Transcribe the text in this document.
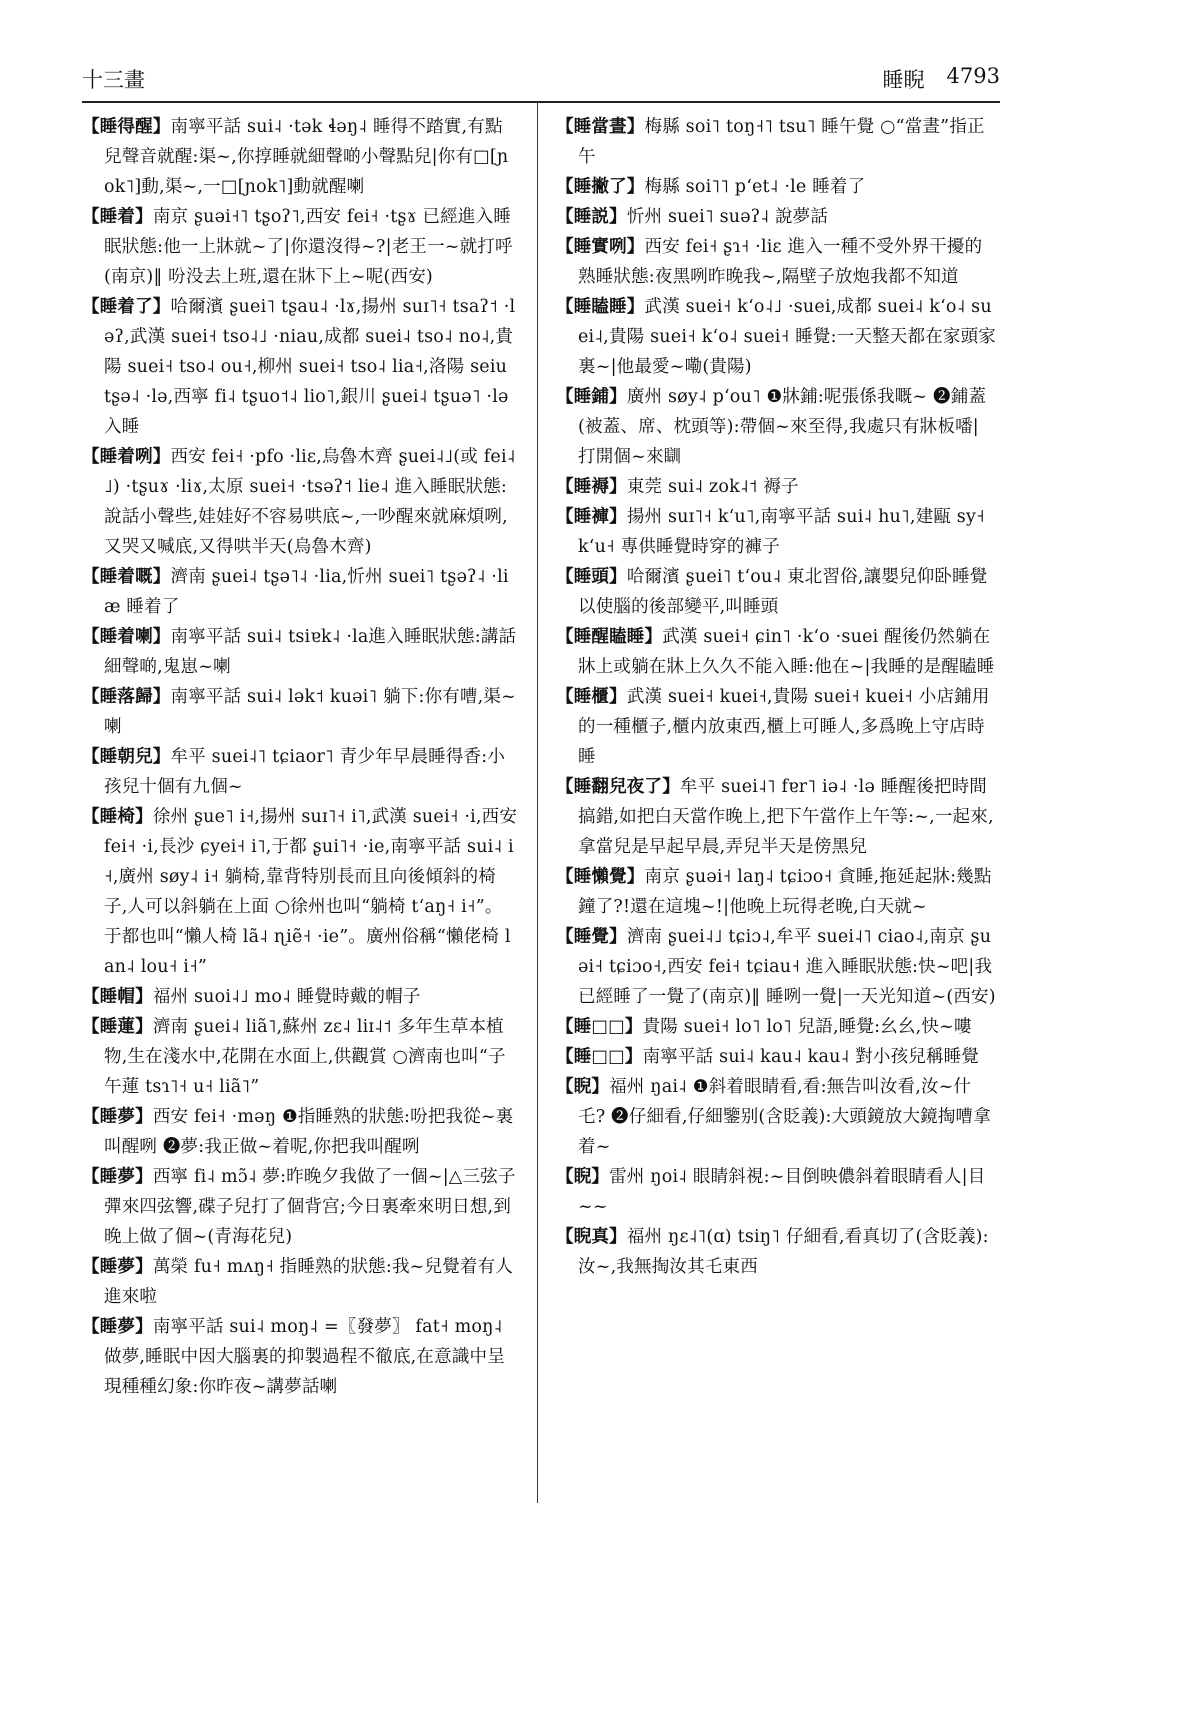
十三畫	睡睨 4793

【睡得醒】南寧平話 sui˨ ·tək ɬəŋ˨ 睡得不踏實,有點兒聲音就醒:渠~,你㨃睡就細聲啲小聲點兒|你有□[ɲok˥]動,渠~,一□[ɲok˥]動就醒喇

【睡着】南京 ʂuəi˧˥ tʂoʔ˥,西安 fei˧ ·tʂɤ 已經進入睡眠狀態:他一上牀就~了|你還沒得~?|老王一~就打呼(南京)‖ 吩没去上班,還在牀下上~呢(西安)

【睡着了】哈爾濱 ʂuei˥ tʂau˨ ·lɤ,揚州 suɪ˥˧ tsaʔ˦ ·ləʔ,武漢 suei˧ tso˨˩ ·niau,成都 suei˨ tso˨ no˨,貴陽 suei˧ tso˨ ou˧,柳州 suei˧ tso˨ lia˧,洛陽 seiu tʂə˨ ·lə,西寧 fi˨ tʂuo˦˨ lio˥,銀川 ʂuei˨ tʂuə˥ ·lə 入睡

【睡着咧】西安 fei˧ ·pfo ·liɛ,烏魯木齊 ʂuei˨˩(或 fei˨˩) ·tʂuɤ ·liɤ,太原 suei˧ ·tsəʔ˦ lie˨ 進入睡眠狀態:說話小聲些,娃娃好不容易哄底~,一吵醒來就麻煩咧,又哭又喊底,又得哄半天(烏魯木齊)

【睡着嘅】濟南 ʂuei˨ tʂə˥˨ ·lia,忻州 suei˥ tʂəʔ˨ ·liæ 睡着了

【睡着喇】南寧平話 sui˨ tsiɐk˨ ·la進入睡眠狀態:講話細聲啲,鬼崽~喇

【睡落歸】南寧平話 sui˨ lək˦ kuəi˥ 躺下:你有嘈,渠~喇

【睡朝兒】牟平 suei˨˥ tɕiaor˥ 青少年早晨睡得香:小孩兒十個有九個~

【睡椅】徐州 ʂue˥ i˧,揚州 suɪ˥˧ i˥,武漢 suei˧ ·i,西安 fei˧ ·i,長沙 ɕyei˧ i˥,于都 ʂui˥˧ ·ie,南寧平話 sui˨ i˧,廣州 søy˨ i˧ 躺椅,靠背特別長而且向後傾斜的椅子,人可以斜躺在上面 ○徐州也叫“躺椅 tʻaŋ˧ i˧”。于都也叫“懶人椅 lã˨ ɳiẽ˧ ·ie”。廣州俗稱“懶佬椅 lan˨ lou˧ i˧”

【睡帽】福州 suoi˨˩ mo˨ 睡覺時戴的帽子

【睡蓮】濟南 ʂuei˨ liã˥,蘇州 zɛ˨ liɪ˨˦ 多年生草本植物,生在淺水中,花開在水面上,供觀賞 ○濟南也叫“子午蓮 tsɿ˥˧ u˧ liã˥”

【睡夢】西安 fei˧ ·məŋ ❶指睡熟的狀態:吩把我從~裏叫醒咧 ❷夢:我正做~着呢,你把我叫醒咧

【睡夢】西寧 fi˨ mɔ̃˨ 夢:昨晚夕我做了一個~|△三弦子彈來四弦響,碟子兒打了個背宫;今日裏牽來明日想,到晚上做了個~(青海花兒)

【睡夢】萬榮 fu˧ mʌŋ˧ 指睡熟的狀態:我~兒覺着有人進來啦

【睡夢】南寧平話 sui˨ moŋ˨ =〖發夢〗 fat˧ moŋ˨ 做夢,睡眠中因大腦裏的抑製過程不徹底,在意識中呈現種種幻象:你昨夜~講夢話喇

【睡當晝】梅縣 soi˥ toŋ˧˥ tsu˥ 睡午覺 ○“當晝”指正午

【睡撇了】梅縣 soi˥˥ pʻet˨ ·le 睡着了

【睡説】忻州 suei˥ suəʔ˨ 說夢話

【睡實咧】西安 fei˧ ʂɿ˧ ·liɛ 進入一種不受外界干擾的熟睡狀態:夜黑咧昨晚我~,隔壁子放炮我都不知道

【睡瞌睡】武漢 suei˧ kʻo˨˩ ·suei,成都 suei˨ kʻo˨ suei˨,貴陽 suei˧ kʻo˨ suei˧ 睡覺:一天整天都在家頭家裏~|他最愛~嘞(貴陽)

【睡鋪】廣州 søy˨ pʻou˥ ❶牀鋪:呢張係我嘅~ ❷鋪蓋(被蓋、席、枕頭等):帶個~來至得,我處只有牀板噃|打開個~來瞓

【睡褥】東莞 sui˨ zok˨˦ 褥子

【睡褲】揚州 suɪ˥˧ kʻu˥,南寧平話 sui˨ hu˥,建甌 sy˧ kʻu˧ 專供睡覺時穿的褲子

【睡頭】哈爾濱 ʂuei˥ tʻou˨ 東北習俗,讓嬰兒仰卧睡覺以使腦的後部變平,叫睡頭

【睡醒瞌睡】武漢 suei˧ ɕin˥ ·kʻo ·suei 醒後仍然躺在牀上或躺在牀上久久不能入睡:他在~|我睡的是醒瞌睡

【睡櫃】武漢 suei˧ kuei˧,貴陽 suei˧ kuei˧ 小店鋪用的一種櫃子,櫃内放東西,櫃上可睡人,多爲晚上守店時睡

【睡翻兒夜了】牟平 suei˨˥ fɐr˥ iə˨ ·lə 睡醒後把時間搞錯,如把白天當作晚上,把下午當作上午等:~,一起來,拿當兒是早起早晨,弄兒半天是傍黑兒

【睡懶覺】南京 ʂuəi˧ laŋ˨ tɕiɔo˧ 貪睡,拖延起牀:幾點鐘了?!還在這塊~!|他晚上玩得老晚,白天就~

【睡覺】濟南 ʂuei˨˩ tɕiɔ˨,牟平 suei˨˥ ciao˨,南京 ʂuəi˧ tɕiɔo˧,西安 fei˧ tɕiau˧ 進入睡眠狀態:快~吧|我已經睡了一覺了(南京)‖ 睡咧一覺|一天光知道~(西安)

【睡□□】貴陽 suei˧ lo˥ lo˥ 兒語,睡覺:幺幺,快~嘍

【睡□□】南寧平話 sui˨ kau˨ kau˨ 對小孩兒稱睡覺

【睨】福州 ŋai˨ ❶斜着眼睛看,看:無告叫汝看,汝~什乇? ❷仔細看,仔細鑒别(含貶義):大頭鏡放大鏡掏嘈拿着~

【睨】雷州 ŋoi˨ 眼睛斜視:~目倒映儂斜着眼睛看人|目~~

【睨真】福州 ŋɛ˨˥(ɑ) tsiŋ˥ 仔細看,看真切了(含貶義):汝~,我無掏汝其乇東西
